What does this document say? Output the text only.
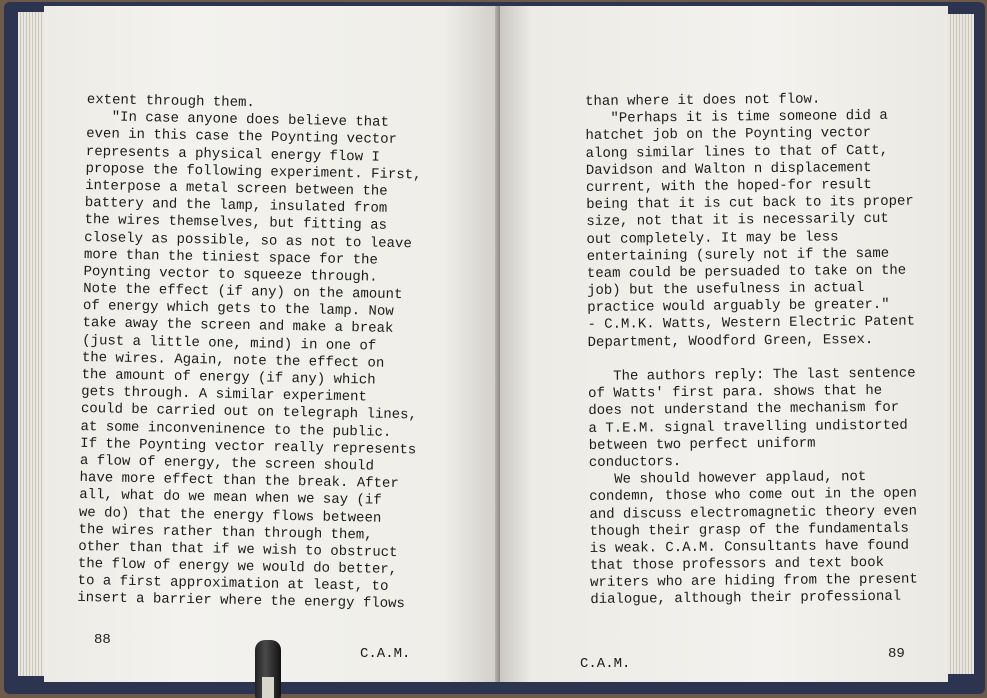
extent through them.
"In case anyone does believe that
even in this case the Poynting vector
represents a physical energy flow I
propose the following experiment. First,
interpose a metal screen between the
battery and the lamp, insulated from
the wires themselves, but fitting as
closely as possible, so as not to leave
more than the tiniest space for the
Poynting vector to squeeze through.
Note the effect (if any) on the amount
of energy which gets to the lamp. Now
take away the screen and make a break
(just a little one, mind) in one of
the wires. Again, note the effect on
the amount of energy (if any) which
gets through. A similar experiment
could be carried out on telegraph lines,
at some inconveninence to the public.
If the Poynting vector really represents
a flow of energy, the screen should
have more effect than the break. After
all, what do we mean when we say (if
we do) that the energy flows between
the wires rather than through them,
other than that if we wish to obstruct
the flow of energy we would do better,
to a first approximation at least, to
insert a barrier where the energy flows
88
C.A.M.
than where it does not flow.
"Perhaps it is time someone did a
hatchet job on the Poynting vector
along similar lines to that of Catt,
Davidson and Walton n displacement
current, with the hoped-for result
being that it is cut back to its proper
size, not that it is necessarily cut
out completely. It may be less
entertaining (surely not if the same
team could be persuaded to take on the
job) but the usefulness in actual
practice would arguably be greater."
- C.M.K. Watts, Western Electric Patent
Department, Woodford Green, Essex.

The authors reply: The last sentence
of Watts' first para. shows that he
does not understand the mechanism for
a T.E.M. signal travelling undistorted
between two perfect uniform
conductors.
We should however applaud, not
condemn, those who come out in the open
and discuss electromagnetic theory even
though their grasp of the fundamentals
is weak. C.A.M. Consultants have found
that those professors and text book
writers who are hiding from the present
dialogue, although their professional
C.A.M.
89
